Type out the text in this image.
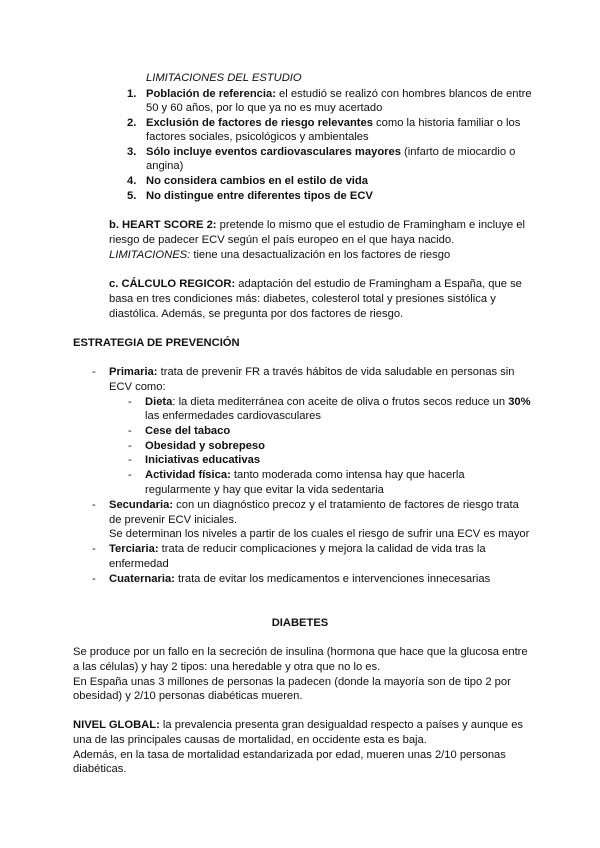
LIMITACIONES DEL ESTUDIO
1. Población de referencia: el estudió se realizó con hombres blancos de entre
50 y 60 años, por lo que ya no es muy acertado
2. Exclusión de factores de riesgo relevantes como la historia familiar o los
factores sociales, psicológicos y ambientales
3. Sólo incluye eventos cardiovasculares mayores (infarto de miocardio o
angina)
4. No considera cambios en el estilo de vida
5. No distingue entre diferentes tipos de ECV
b. HEART SCORE 2: pretende lo mismo que el estudio de Framingham e incluye el
riesgo de padecer ECV según el país europeo en el que haya nacido.
LIMITACIONES: tiene una desactualización en los factores de riesgo
c. CÁLCULO REGICOR: adaptación del estudio de Framingham a España, que se
basa en tres condiciones más: diabetes, colesterol total y presiones sistólica y
diastólica. Además, se pregunta por dos factores de riesgo.
ESTRATEGIA DE PREVENCIÓN
- Primaria: trata de prevenir FR a través hábitos de vida saludable en personas sin
ECV como:
- Dieta: la dieta mediterránea con aceite de oliva o frutos secos reduce un 30%
las enfermedades cardiovasculares
- Cese del tabaco
- Obesidad y sobrepeso
- Iniciativas educativas
- Actividad física: tanto moderada como intensa hay que hacerla
regularmente y hay que evitar la vida sedentaria
- Secundaria: con un diagnóstico precoz y el tratamiento de factores de riesgo trata
de prevenir ECV iniciales.
Se determinan los niveles a partir de los cuales el riesgo de sufrir una ECV es mayor
- Terciaria: trata de reducir complicaciones y mejora la calidad de vida tras la
enfermedad
- Cuaternaria: trata de evitar los medicamentos e intervenciones innecesarias
DIABETES
Se produce por un fallo en la secreción de insulina (hormona que hace que la glucosa entre
a las células) y hay 2 tipos: una heredable y otra que no lo es.
En España unas 3 millones de personas la padecen (donde la mayoría son de tipo 2 por
obesidad) y 2/10 personas diabéticas mueren.
NIVEL GLOBAL: la prevalencia presenta gran desigualdad respecto a países y aunque es
una de las principales causas de mortalidad, en occidente esta es baja.
Además, en la tasa de mortalidad estandarizada por edad, mueren unas 2/10 personas
diabéticas.
